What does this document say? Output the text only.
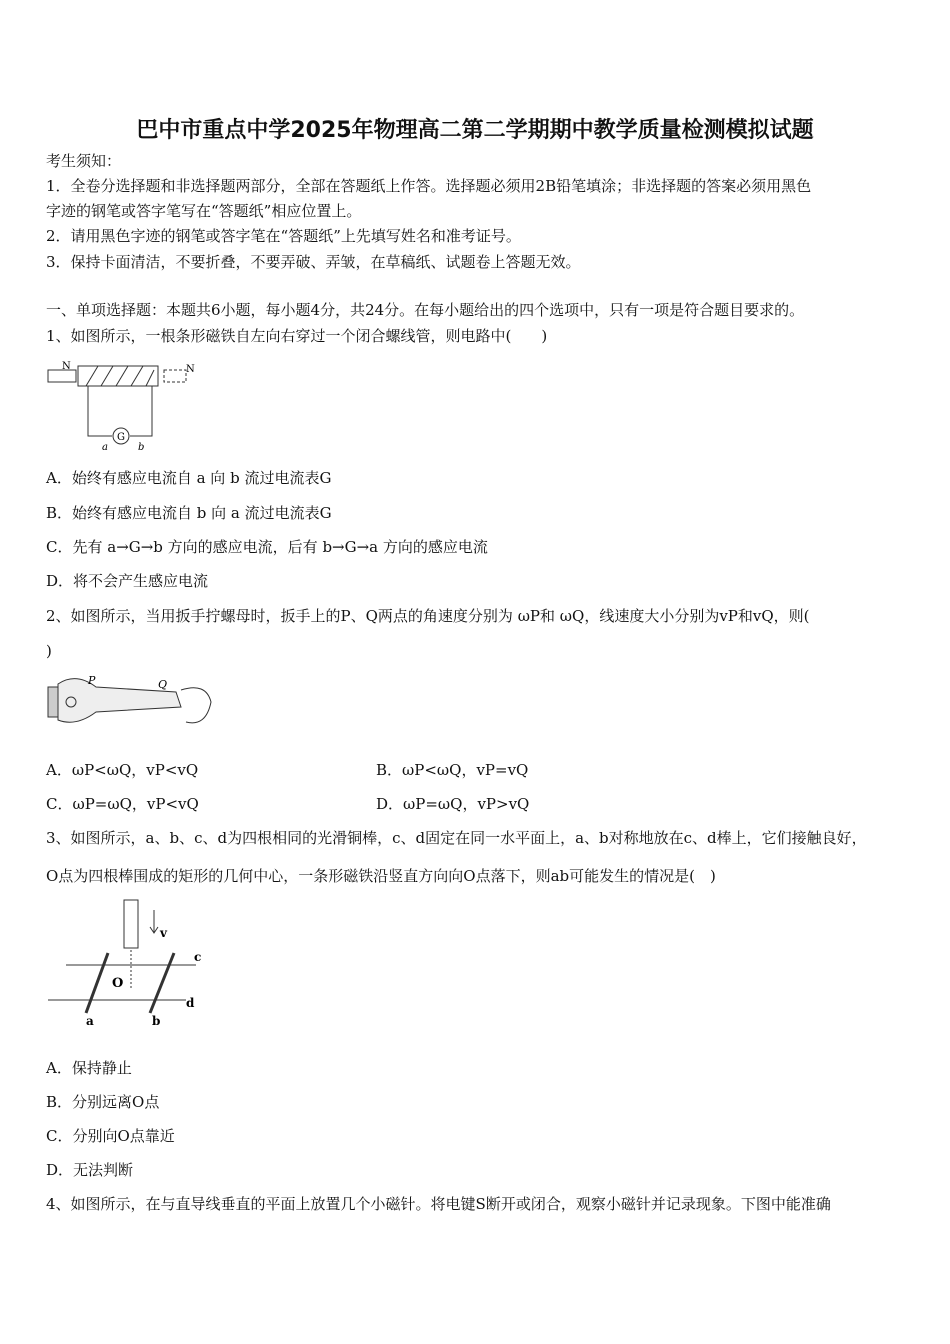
巴中市重点中学2025年物理高二第二学期期中教学质量检测模拟试题
考生须知：
1．全卷分选择题和非选择题两部分，全部在答题纸上作答。选择题必须用2B铅笔填涂；非选择题的答案必须用黑色
字迹的钢笔或答字笔写在“答题纸”相应位置上。
2．请用黑色字迹的钢笔或答字笔在“答题纸”上先填写姓名和准考证号。
3．保持卡面清洁，不要折叠，不要弄破、弄皱，在草稿纸、试题卷上答题无效。
一、单项选择题：本题共6小题，每小题4分，共24分。在每小题给出的四个选项中，只有一项是符合题目要求的。
1、如图所示，一根条形磁铁自左向右穿过一个闭合螺线管，则电路中(　　)
N	N
G
a	b
A．始终有感应电流自 a 向 b 流过电流表G
B．始终有感应电流自 b 向 a 流过电流表G
C．先有 a→G→b 方向的感应电流，后有 b→G→a 方向的感应电流
D．将不会产生感应电流
2、如图所示，当用扳手拧螺母时，扳手上的P、Q两点的角速度分别为 ωP和 ωQ，线速度大小分别为vP和vQ，则(
)
P	Q
A．ωP<ωQ，vP<vQ	B．ωP<ωQ，vP=vQ
C．ωP=ωQ，vP<vQ	D．ωP=ωQ，vP>vQ
3、如图所示，a、b、c、d为四根相同的光滑铜棒，c、d固定在同一水平面上，a、b对称地放在c、d棒上，它们接触良好，
O点为四根棒围成的矩形的几何中心，一条形磁铁沿竖直方向向O点落下，则ab可能发生的情况是(　)
v
c
d
O
a	b
A．保持静止
B．分别远离O点
C．分别向O点靠近
D．无法判断
4、如图所示，在与直导线垂直的平面上放置几个小磁针。将电键S断开或闭合，观察小磁针并记录现象。下图中能准确
